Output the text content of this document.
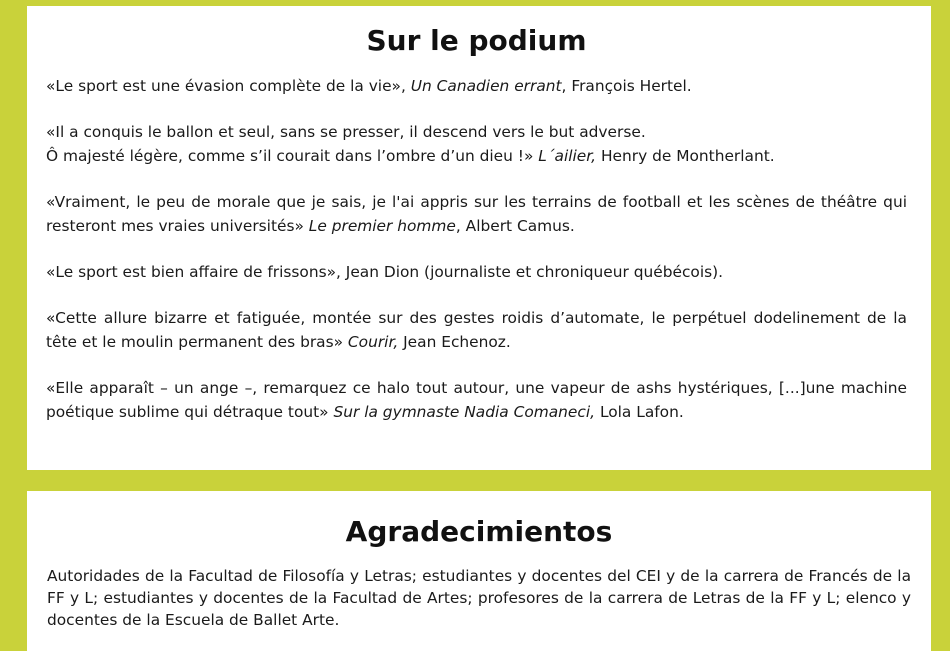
Sur le podium

«Le sport est une évasion complète de la vie», Un Canadien errant, François Hertel.

«Il a conquis le ballon et seul, sans se presser, il descend vers le but adverse.
Ô majesté légère, comme s’il courait dans l’ombre d’un dieu !» L´ailier, Henry de Montherlant.

«Vraiment, le peu de morale que je sais, je l'ai appris sur les terrains de football et les scènes de théâtre qui resteront mes vraies universités» Le premier homme, Albert Camus.

«Le sport est bien affaire de frissons», Jean Dion (journaliste et chroniqueur québécois).

«Cette allure bizarre et fatiguée, montée sur des gestes roidis d’automate, le perpétuel dodelinement de la tête et le moulin permanent des bras» Courir, Jean Echenoz.

«Elle apparaît – un ange –, remarquez ce halo tout autour, une vapeur de ashs hystériques, [...]une machine poétique sublime qui détraque tout» Sur la gymnaste Nadia Comaneci, Lola Lafon.

Agradecimientos

Autoridades de la Facultad de Filosofía y Letras; estudiantes y docentes del CEI y de la carrera de Francés de la FF y L; estudiantes y docentes de la Facultad de Artes; profesores de la carrera de Letras de la FF y L; elenco y docentes de la Escuela de Ballet Arte.
